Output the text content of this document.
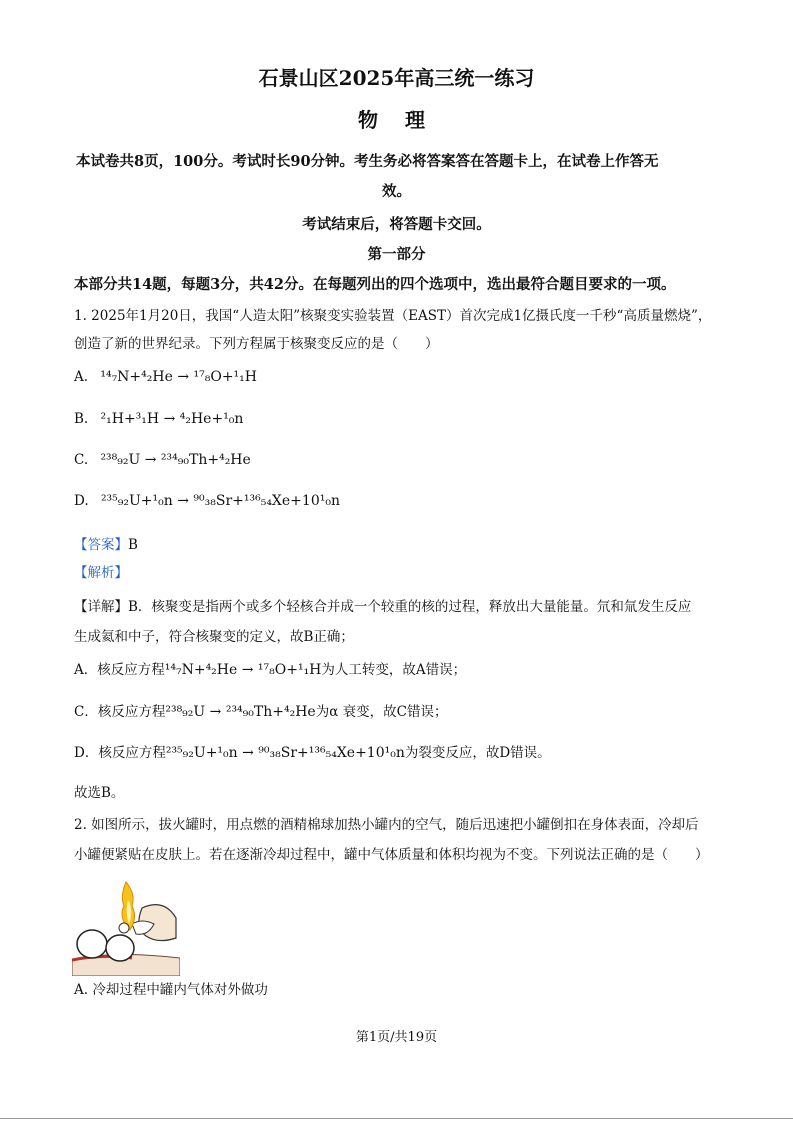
石景山区2025年高三统一练习
物 理
本试卷共8页，100分。考试时长90分钟。考生务必将答案答在答题卡上，在试卷上作答无
效。
考试结束后，将答题卡交回。
第一部分
本部分共14题，每题3分，共42分。在每题列出的四个选项中，选出最符合题目要求的一项。
1. 2025年1月20日，我国“人造太阳”核聚变实验装置（EAST）首次完成1亿摄氏度一千秒“高质量燃烧”，
创造了新的世界纪录。下列方程属于核聚变反应的是（　　）
A. ¹⁴₇N+⁴₂He → ¹⁷₈O+¹₁H
B. ²₁H+³₁H → ⁴₂He+¹₀n
C. ²³⁸₉₂U → ²³⁴₉₀Th+⁴₂He
D. ²³⁵₉₂U+¹₀n → ⁹⁰₃₈Sr+¹³⁶₅₄Xe+10¹₀n
【答案】B
【解析】
【详解】B．核聚变是指两个或多个轻核合并成一个较重的核的过程，释放出大量能量。氘和氚发生反应
生成氦和中子，符合核聚变的定义，故B正确；
A．核反应方程¹⁴₇N+⁴₂He → ¹⁷₈O+¹₁H为人工转变，故A错误；
C．核反应方程²³⁸₉₂U → ²³⁴₉₀Th+⁴₂He为α 衰变，故C错误；
D．核反应方程²³⁵₉₂U+¹₀n → ⁹⁰₃₈Sr+¹³⁶₅₄Xe+10¹₀n为裂变反应，故D错误。
故选B。
2. 如图所示，拔火罐时，用点燃的酒精棉球加热小罐内的空气，随后迅速把小罐倒扣在身体表面，冷却后
小罐便紧贴在皮肤上。若在逐渐冷却过程中，罐中气体质量和体积均视为不变。下列说法正确的是（　　）
A. 冷却过程中罐内气体对外做功
第1页/共19页
